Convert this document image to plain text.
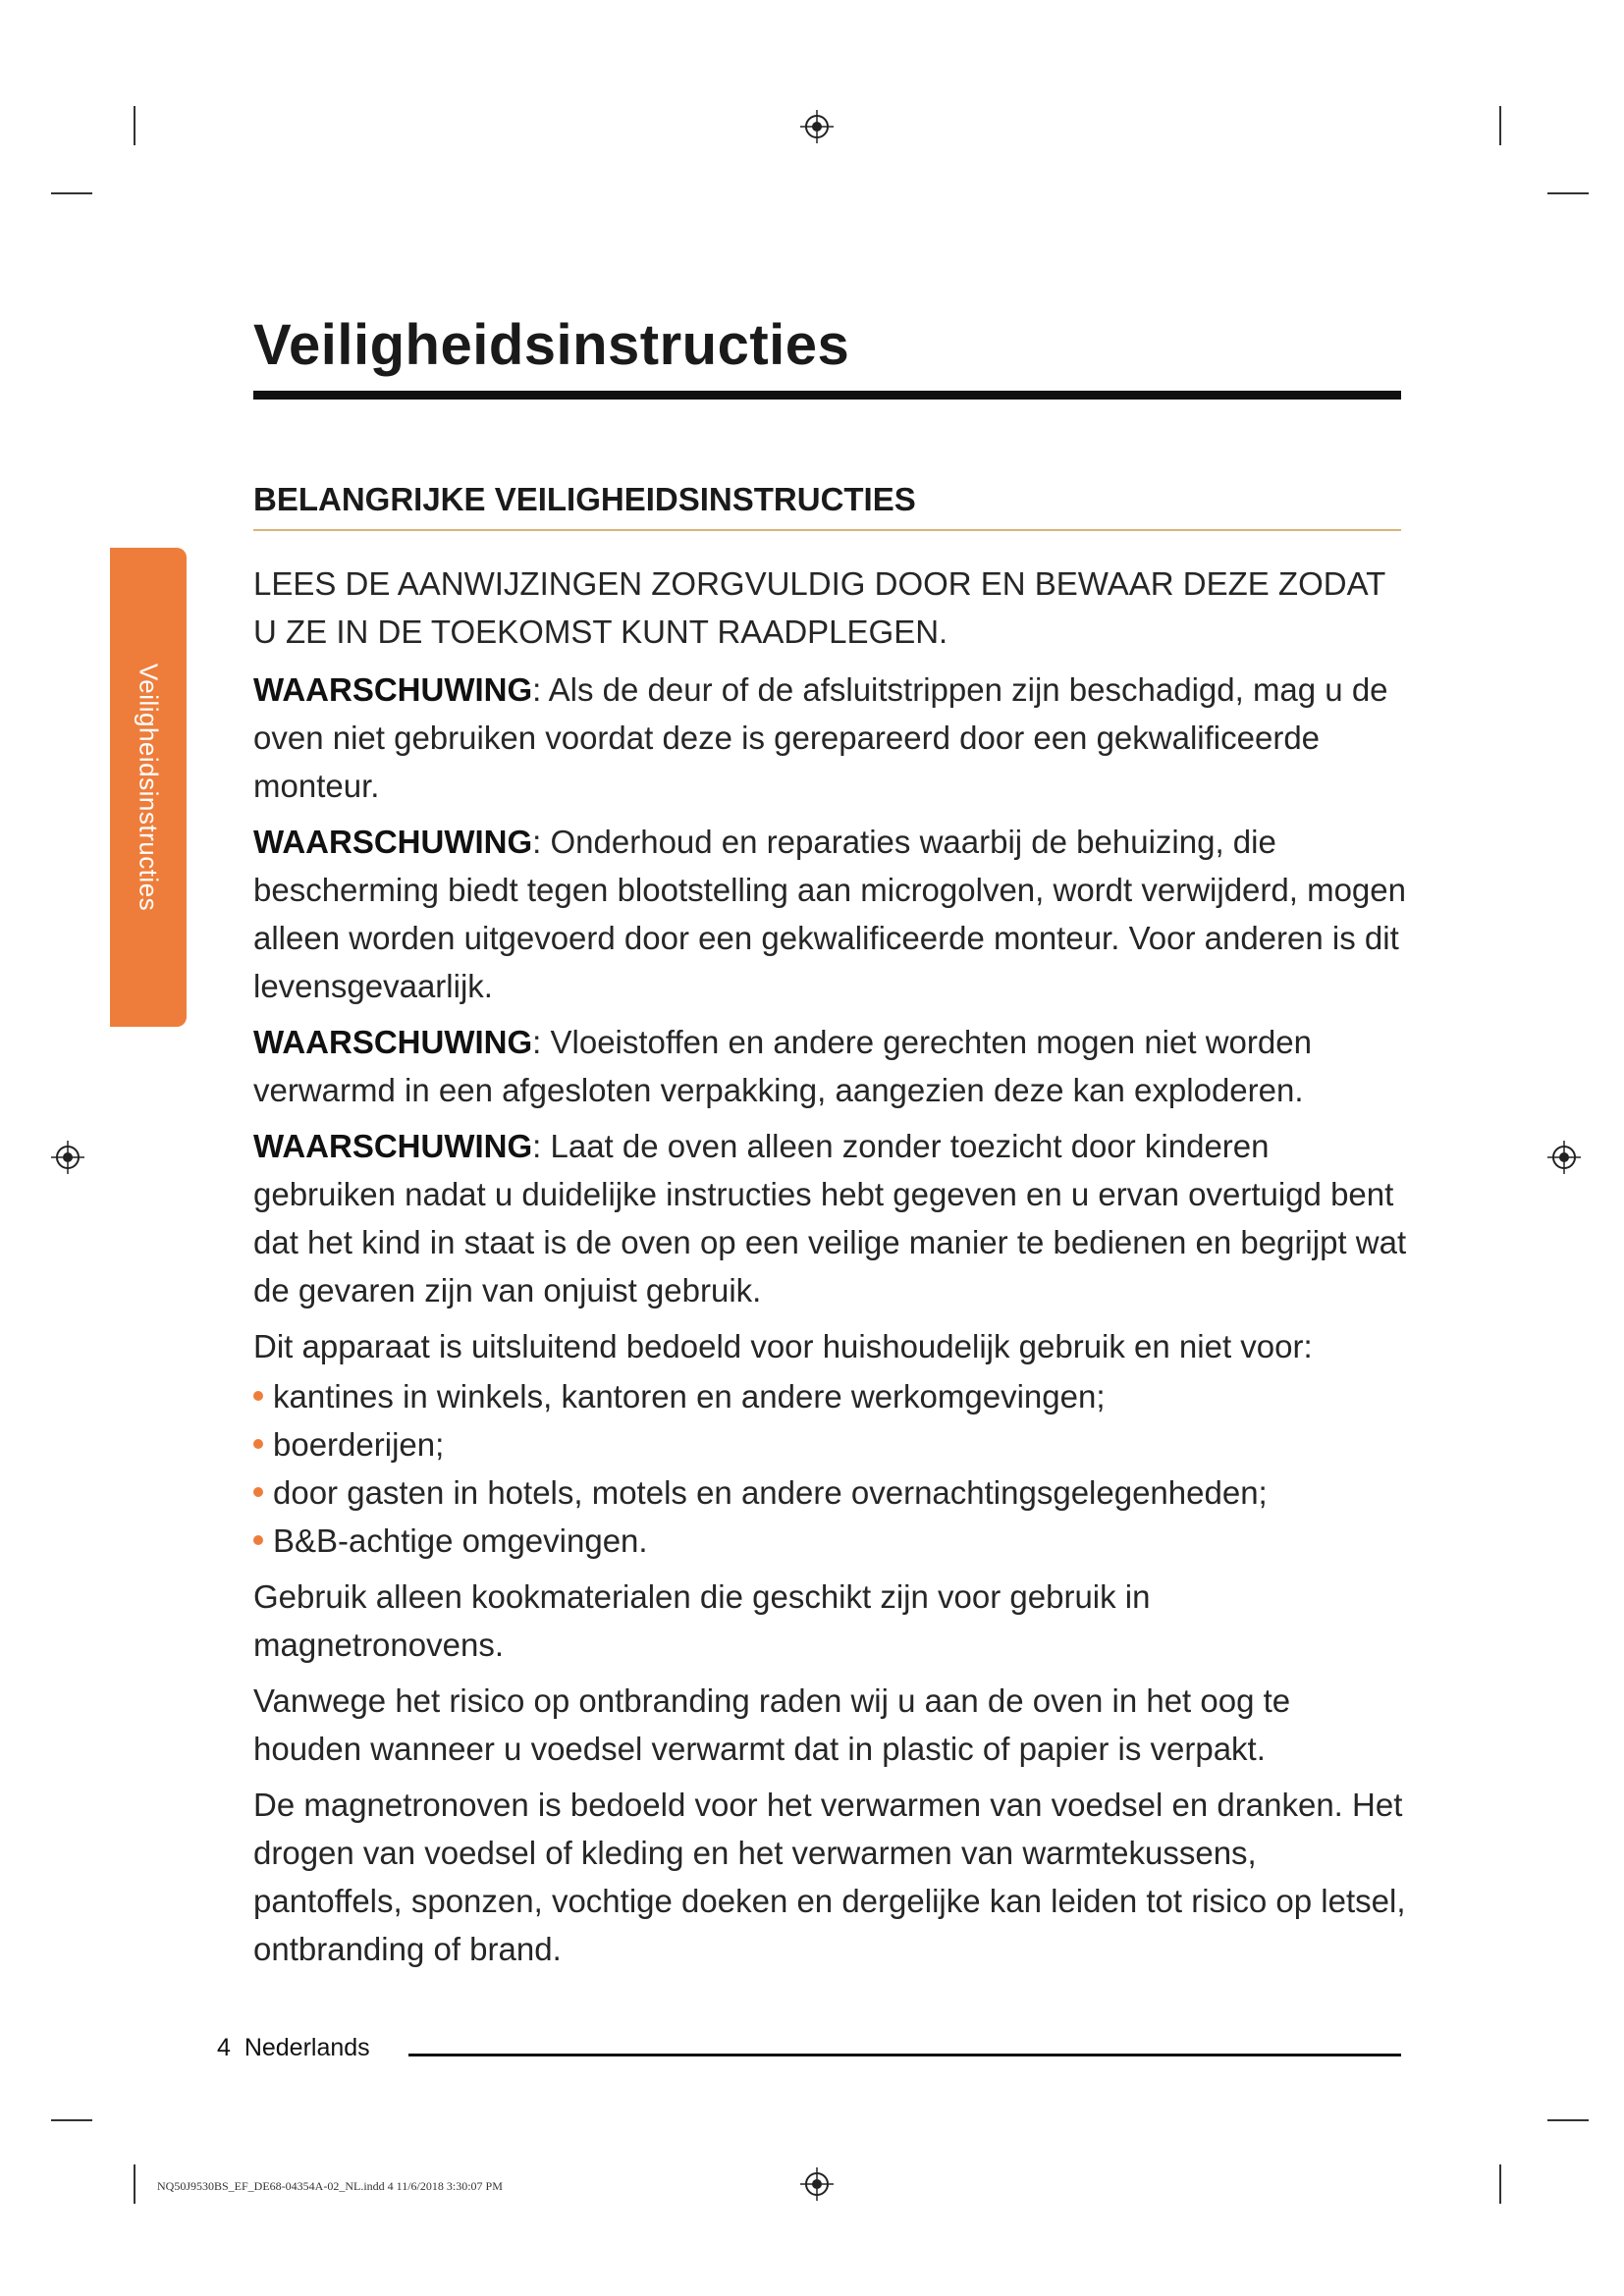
Veiligheidsinstructies
BELANGRIJKE VEILIGHEIDSINSTRUCTIES
Veiligheidsinstructies

LEES DE AANWIJZINGEN ZORGVULDIG DOOR EN BEWAAR DEZE ZODAT U ZE IN DE TOEKOMST KUNT RAADPLEGEN.

WAARSCHUWING: Als de deur of de afsluitstrippen zijn beschadigd, mag u de oven niet gebruiken voordat deze is gerepareerd door een gekwalificeerde monteur.

WAARSCHUWING: Onderhoud en reparaties waarbij de behuizing, die bescherming biedt tegen blootstelling aan microgolven, wordt verwijderd, mogen alleen worden uitgevoerd door een gekwalificeerde monteur. Voor anderen is dit levensgevaarlijk.

WAARSCHUWING: Vloeistoffen en andere gerechten mogen niet worden verwarmd in een afgesloten verpakking, aangezien deze kan exploderen.

WAARSCHUWING: Laat de oven alleen zonder toezicht door kinderen gebruiken nadat u duidelijke instructies hebt gegeven en u ervan overtuigd bent dat het kind in staat is de oven op een veilige manier te bedienen en begrijpt wat de gevaren zijn van onjuist gebruik.

Dit apparaat is uitsluitend bedoeld voor huishoudelijk gebruik en niet voor:

kantines in winkels, kantoren en andere werkomgevingen;
boerderijen;
door gasten in hotels, motels en andere overnachtingsgelegenheden;
B&B-achtige omgevingen.

Gebruik alleen kookmaterialen die geschikt zijn voor gebruik in magnetronovens.

Vanwege het risico op ontbranding raden wij u aan de oven in het oog te houden wanneer u voedsel verwarmt dat in plastic of papier is verpakt.

De magnetronoven is bedoeld voor het verwarmen van voedsel en dranken. Het drogen van voedsel of kleding en het verwarmen van warmtekussens, pantoffels, sponzen, vochtige doeken en dergelijke kan leiden tot risico op letsel, ontbranding of brand.

4 Nederlands
NQ50J9530BS_EF_DE68-04354A-02_NL.indd 4 11/6/2018 3:30:07 PM
